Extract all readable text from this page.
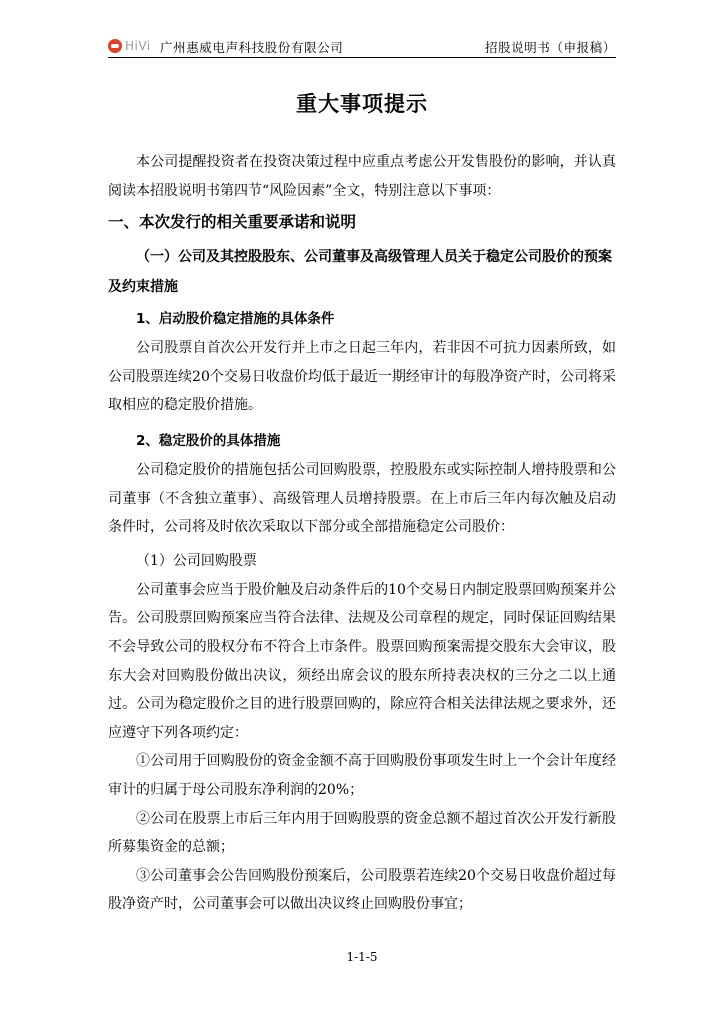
HiVi 广州惠威电声科技股份有限公司	招股说明书（申报稿）
重大事项提示

本公司提醒投资者在投资决策过程中应重点考虑公开发售股份的影响，并认真阅读本招股说明书第四节“风险因素”全文，特别注意以下事项：

一、本次发行的相关重要承诺和说明
（一）公司及其控股股东、公司董事及高级管理人员关于稳定公司股价的预案及约束措施
1、启动股价稳定措施的具体条件

公司股票自首次公开发行并上市之日起三年内，若非因不可抗力因素所致，如公司股票连续20个交易日收盘价均低于最近一期经审计的每股净资产时，公司将采取相应的稳定股价措施。

2、稳定股价的具体措施

公司稳定股价的措施包括公司回购股票，控股股东或实际控制人增持股票和公司董事（不含独立董事）、高级管理人员增持股票。在上市后三年内每次触及启动条件时，公司将及时依次采取以下部分或全部措施稳定公司股价：

（1）公司回购股票

公司董事会应当于股价触及启动条件后的10个交易日内制定股票回购预案并公告。公司股票回购预案应当符合法律、法规及公司章程的规定，同时保证回购结果不会导致公司的股权分布不符合上市条件。股票回购预案需提交股东大会审议，股东大会对回购股份做出决议，须经出席会议的股东所持表决权的三分之二以上通过。公司为稳定股价之目的进行股票回购的，除应符合相关法律法规之要求外，还应遵守下列各项约定：

①公司用于回购股份的资金金额不高于回购股份事项发生时上一个会计年度经审计的归属于母公司股东净利润的20%；

②公司在股票上市后三年内用于回购股票的资金总额不超过首次公开发行新股所募集资金的总额；

③公司董事会公告回购股份预案后，公司股票若连续20个交易日收盘价超过每股净资产时，公司董事会可以做出决议终止回购股份事宜；

1-1-5
